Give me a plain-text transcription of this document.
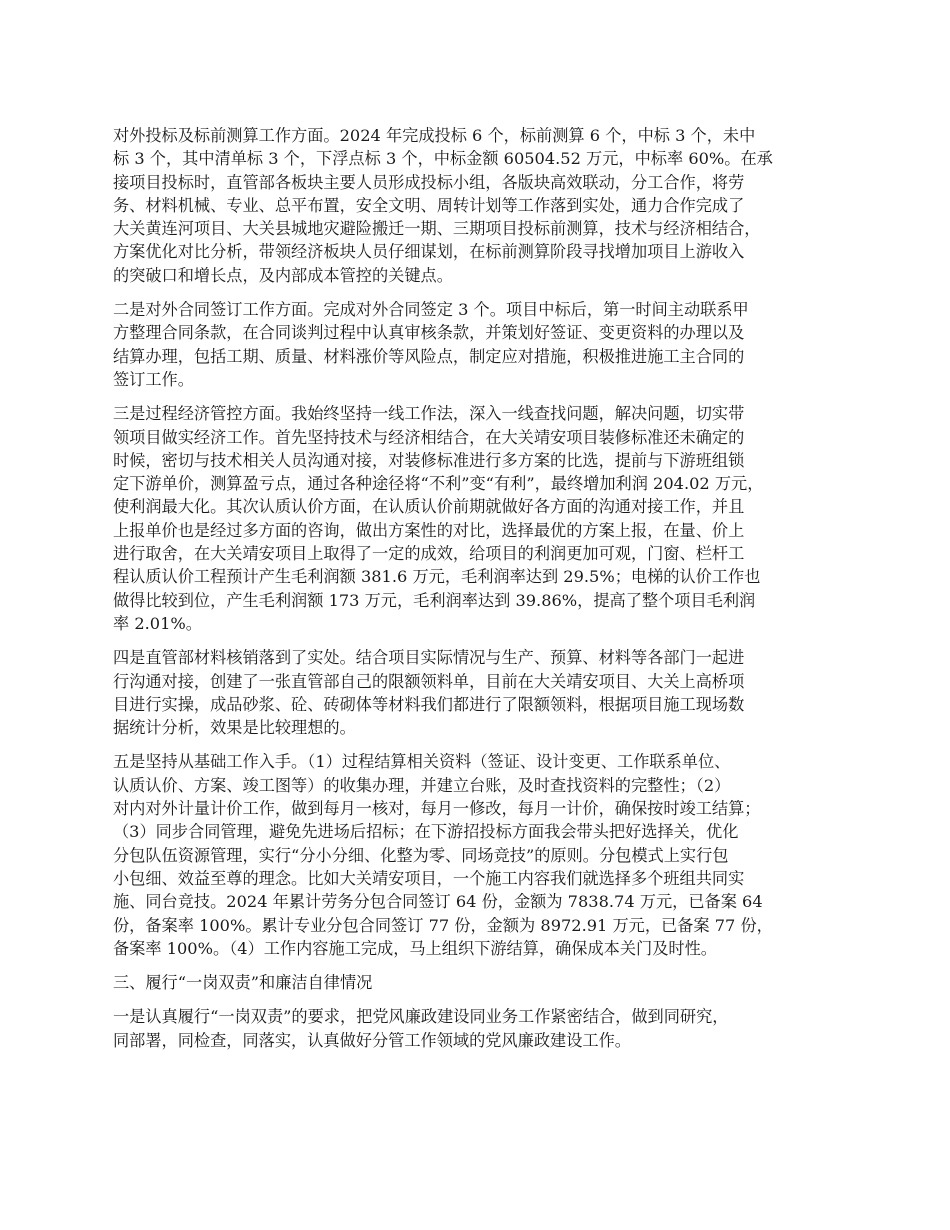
对外投标及标前测算工作方面。2024 年完成投标 6 个，标前测算 6 个，中标 3 个，未中
标 3 个，其中清单标 3 个，下浮点标 3 个，中标金额 60504.52 万元，中标率 60%。在承
接项目投标时，直管部各板块主要人员形成投标小组，各版块高效联动，分工合作，将劳
务、材料机械、专业、总平布置，安全文明、周转计划等工作落到实处，通力合作完成了
大关黄连河项目、大关县城地灾避险搬迁一期、三期项目投标前测算，技术与经济相结合，
方案优化对比分析，带领经济板块人员仔细谋划，在标前测算阶段寻找增加项目上游收入
的突破口和增长点，及内部成本管控的关键点。

二是对外合同签订工作方面。完成对外合同签定 3 个。项目中标后，第一时间主动联系甲
方整理合同条款，在合同谈判过程中认真审核条款，并策划好签证、变更资料的办理以及
结算办理，包括工期、质量、材料涨价等风险点，制定应对措施，积极推进施工主合同的
签订工作。

三是过程经济管控方面。我始终坚持一线工作法，深入一线查找问题，解决问题，切实带
领项目做实经济工作。首先坚持技术与经济相结合，在大关靖安项目装修标准还未确定的
时候，密切与技术相关人员沟通对接，对装修标准进行多方案的比选，提前与下游班组锁
定下游单价，测算盈亏点，通过各种途径将“不利”变“有利”，最终增加利润 204.02 万元，
使利润最大化。其次认质认价方面，在认质认价前期就做好各方面的沟通对接工作，并且
上报单价也是经过多方面的咨询，做出方案性的对比，选择最优的方案上报，在量、价上
进行取舍，在大关靖安项目上取得了一定的成效，给项目的利润更加可观，门窗、栏杆工
程认质认价工程预计产生毛利润额 381.6 万元，毛利润率达到 29.5%；电梯的认价工作也
做得比较到位，产生毛利润额 173 万元，毛利润率达到 39.86%，提高了整个项目毛利润
率 2.01%。

四是直管部材料核销落到了实处。结合项目实际情况与生产、预算、材料等各部门一起进
行沟通对接，创建了一张直管部自己的限额领料单，目前在大关靖安项目、大关上高桥项
目进行实操，成品砂浆、砼、砖砌体等材料我们都进行了限额领料，根据项目施工现场数
据统计分析，效果是比较理想的。

五是坚持从基础工作入手。（1）过程结算相关资料（签证、设计变更、工作联系单位、
认质认价、方案、竣工图等）的收集办理，并建立台账，及时查找资料的完整性；（2）
对内对外计量计价工作，做到每月一核对，每月一修改，每月一计价，确保按时竣工结算；
（3）同步合同管理，避免先进场后招标；在下游招投标方面我会带头把好选择关，优化
分包队伍资源管理，实行“分小分细、化整为零、同场竞技”的原则。分包模式上实行包
小包细、效益至尊的理念。比如大关靖安项目，一个施工内容我们就选择多个班组共同实
施、同台竞技。2024 年累计劳务分包合同签订 64 份，金额为 7838.74 万元，已备案 64
份，备案率 100%。累计专业分包合同签订 77 份，金额为 8972.91 万元，已备案 77 份，
备案率 100%。（4）工作内容施工完成，马上组织下游结算，确保成本关门及时性。

三、履行“一岗双责”和廉洁自律情况

一是认真履行“一岗双责”的要求，把党风廉政建设同业务工作紧密结合，做到同研究，
同部署，同检查，同落实，认真做好分管工作领域的党风廉政建设工作。
